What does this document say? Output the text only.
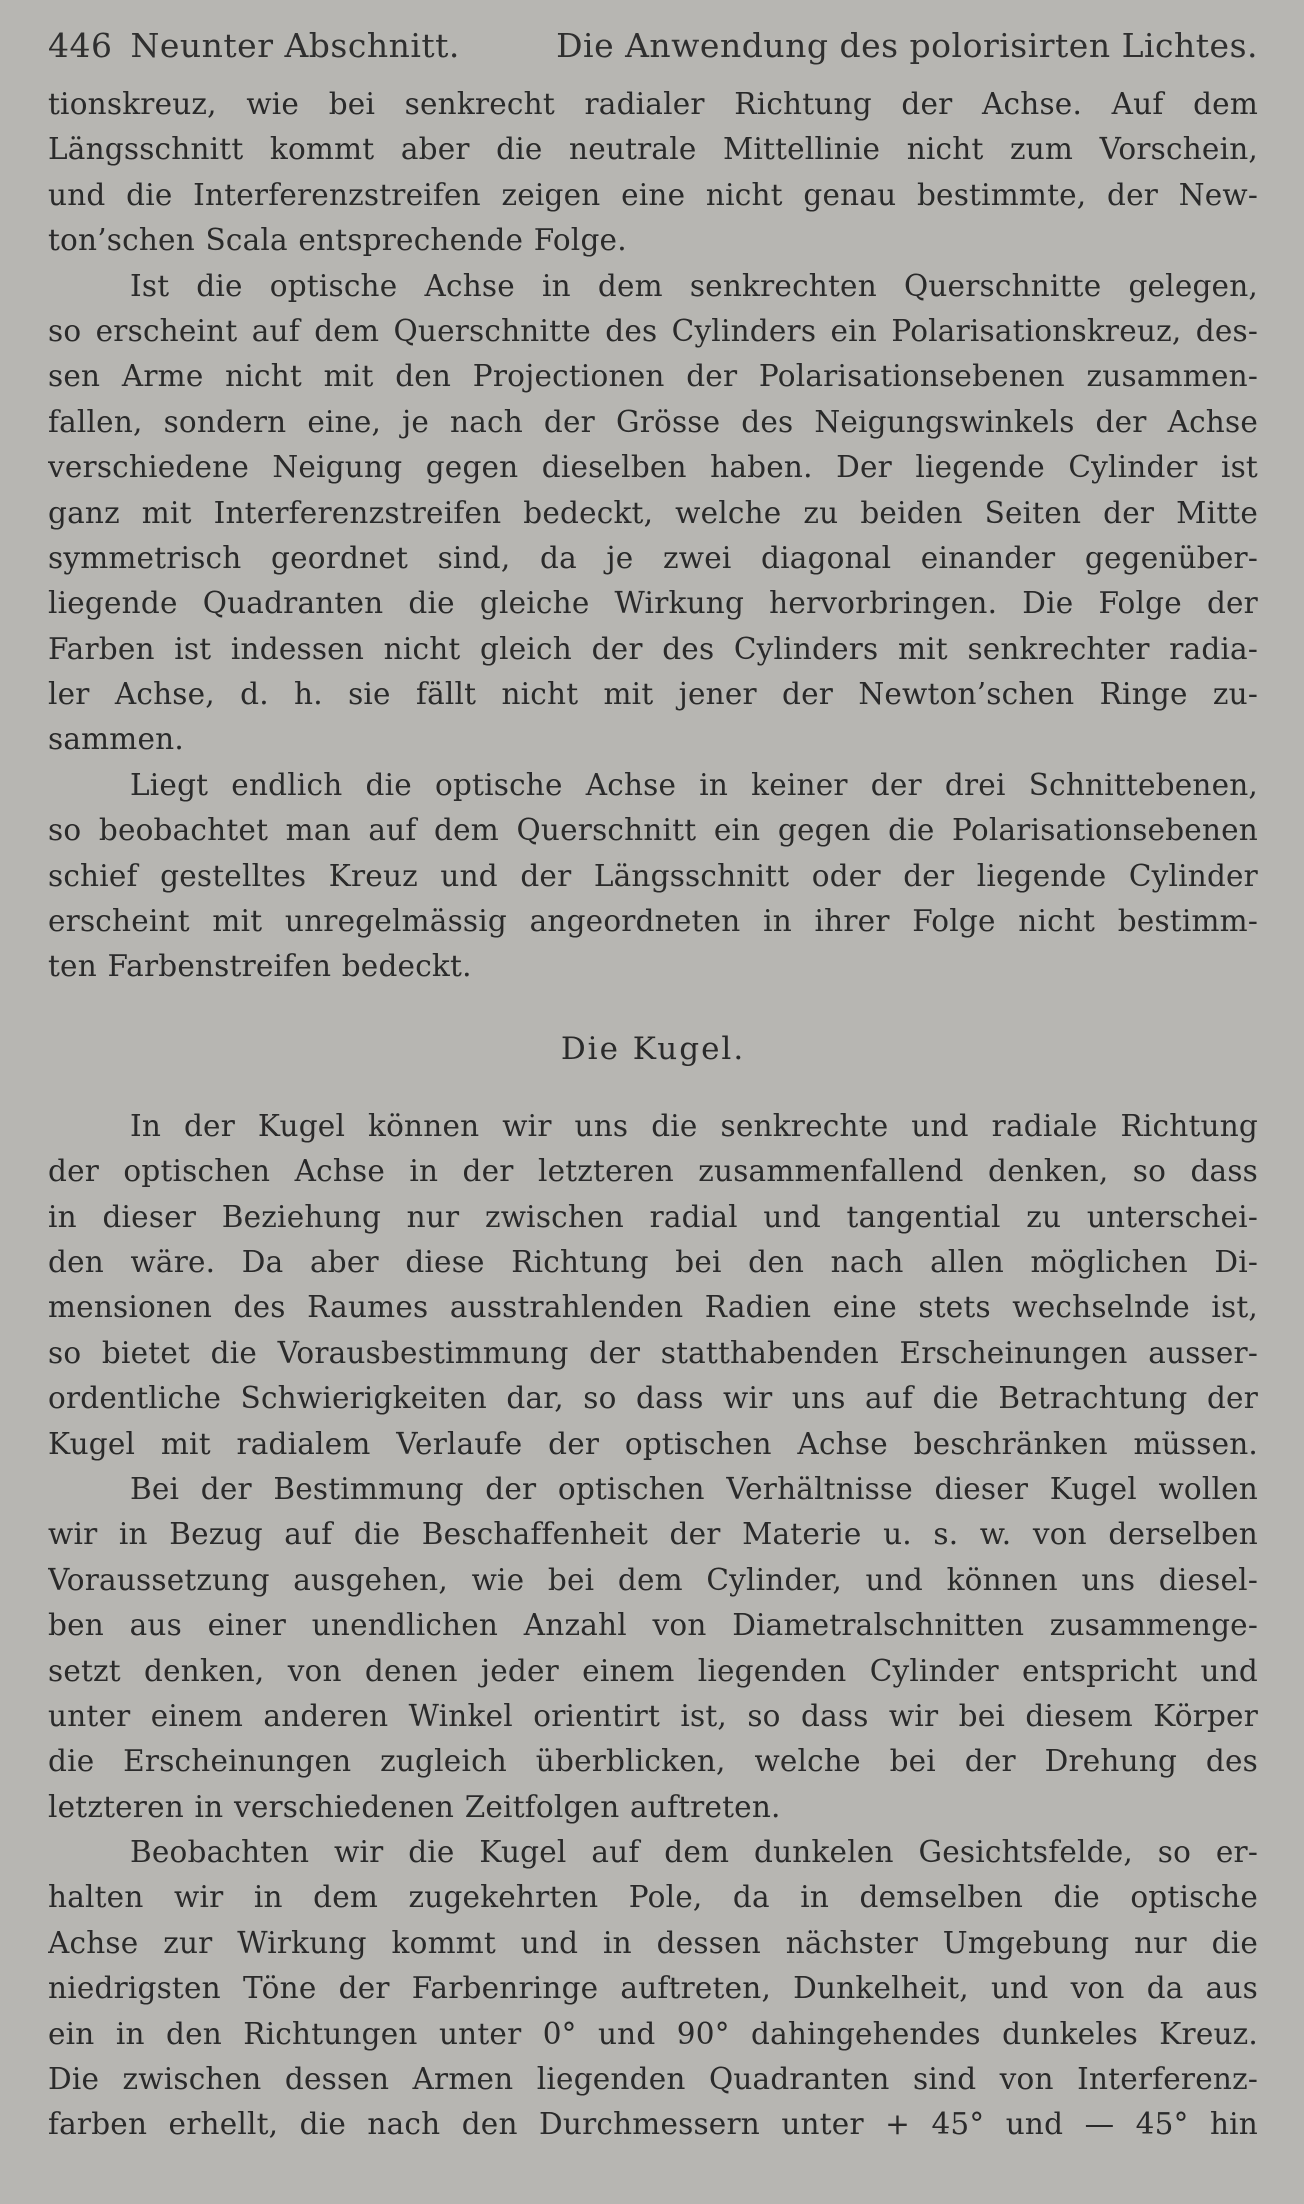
446 Neunter Abschnitt.	Die Anwendung des polorisirten Lichtes.
tionskreuz, wie bei senkrecht radialer Richtung der Achse. Auf dem
Längsschnitt kommt aber die neutrale Mittellinie nicht zum Vorschein,
und die Interferenzstreifen zeigen eine nicht genau bestimmte, der New-
ton’schen Scala entsprechende Folge.
Ist die optische Achse in dem senkrechten Querschnitte gelegen,
so erscheint auf dem Querschnitte des Cylinders ein Polarisationskreuz, des-
sen Arme nicht mit den Projectionen der Polarisationsebenen zusammen-
fallen, sondern eine, je nach der Grösse des Neigungswinkels der Achse
verschiedene Neigung gegen dieselben haben. Der liegende Cylinder ist
ganz mit Interferenzstreifen bedeckt, welche zu beiden Seiten der Mitte
symmetrisch geordnet sind, da je zwei diagonal einander gegenüber-
liegende Quadranten die gleiche Wirkung hervorbringen. Die Folge der
Farben ist indessen nicht gleich der des Cylinders mit senkrechter radia-
ler Achse, d. h. sie fällt nicht mit jener der Newton’schen Ringe zu-
sammen.
Liegt endlich die optische Achse in keiner der drei Schnittebenen,
so beobachtet man auf dem Querschnitt ein gegen die Polarisationsebenen
schief gestelltes Kreuz und der Längsschnitt oder der liegende Cylinder
erscheint mit unregelmässig angeordneten in ihrer Folge nicht bestimm-
ten Farbenstreifen bedeckt.
Die Kugel.
In der Kugel können wir uns die senkrechte und radiale Richtung
der optischen Achse in der letzteren zusammenfallend denken, so dass
in dieser Beziehung nur zwischen radial und tangential zu unterschei-
den wäre. Da aber diese Richtung bei den nach allen möglichen Di-
mensionen des Raumes ausstrahlenden Radien eine stets wechselnde ist,
so bietet die Vorausbestimmung der statthabenden Erscheinungen ausser-
ordentliche Schwierigkeiten dar, so dass wir uns auf die Betrachtung der
Kugel mit radialem Verlaufe der optischen Achse beschränken müssen.
Bei der Bestimmung der optischen Verhältnisse dieser Kugel wollen
wir in Bezug auf die Beschaffenheit der Materie u. s. w. von derselben
Voraussetzung ausgehen, wie bei dem Cylinder, und können uns diesel-
ben aus einer unendlichen Anzahl von Diametralschnitten zusammenge-
setzt denken, von denen jeder einem liegenden Cylinder entspricht und
unter einem anderen Winkel orientirt ist, so dass wir bei diesem Körper
die Erscheinungen zugleich überblicken, welche bei der Drehung des
letzteren in verschiedenen Zeitfolgen auftreten.
Beobachten wir die Kugel auf dem dunkelen Gesichtsfelde, so er-
halten wir in dem zugekehrten Pole, da in demselben die optische
Achse zur Wirkung kommt und in dessen nächster Umgebung nur die
niedrigsten Töne der Farbenringe auftreten, Dunkelheit, und von da aus
ein in den Richtungen unter 0° und 90° dahingehendes dunkeles Kreuz.
Die zwischen dessen Armen liegenden Quadranten sind von Interferenz-
farben erhellt, die nach den Durchmessern unter + 45° und — 45° hin
